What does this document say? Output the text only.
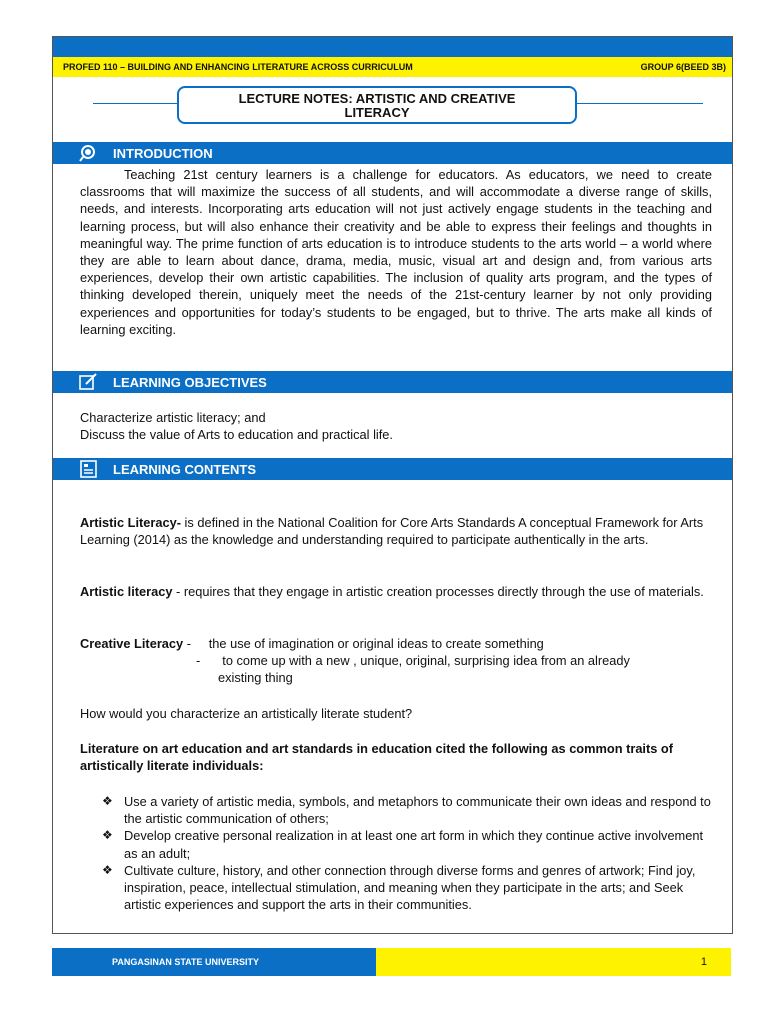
PROFED 110 – BUILDING AND ENHANCING LITERATURE ACROSS CURRICULUM	GROUP 6(BEED 3B)
LECTURE NOTES: ARTISTIC AND CREATIVE
LITERACY
INTRODUCTION
Teaching 21st century learners is a challenge for educators. As educators, we need to create classrooms that will maximize the success of all students, and will accommodate a diverse range of skills, needs, and interests. Incorporating arts education will not just actively engage students in the teaching and learning process, but will also enhance their creativity and be able to express their feelings and thoughts in meaningful way. The prime function of arts education is to introduce students to the arts world – a world where they are able to learn about dance, drama, media, music, visual art and design and, from various arts experiences, develop their own artistic capabilities. The inclusion of quality arts program, and the types of thinking developed therein, uniquely meet the needs of the 21st-century learner by not only providing experiences and opportunities for today’s students to be engaged, but to thrive. The arts make all kinds of learning exciting.
LEARNING OBJECTIVES
Characterize artistic literacy; and
Discuss the value of Arts to education and practical life.
LEARNING CONTENTS
Artistic Literacy- is defined in the National Coalition for Core Arts Standards A conceptual Framework for Arts Learning (2014) as the knowledge and understanding required to participate authentically in the arts.
Artistic literacy - requires that they engage in artistic creation processes directly through the use of materials.
Creative Literacy -     the use of imagination or original ideas to create something
- to come up with a new , unique, original, surprising idea from an already
existing thing
How would you characterize an artistically literate student?
Literature on art education and art standards in education cited the following as common traits of artistically literate individuals:
❖ Use a variety of artistic media, symbols, and metaphors to communicate their own ideas and respond to the artistic communication of others;
❖ Develop creative personal realization in at least one art form in which they continue active involvement as an adult;
❖ Cultivate culture, history, and other connection through diverse forms and genres of artwork; Find joy, inspiration, peace, intellectual stimulation, and meaning when they participate in the arts; and Seek artistic experiences and support the arts in their communities.
PANGASINAN STATE UNIVERSITY	1
